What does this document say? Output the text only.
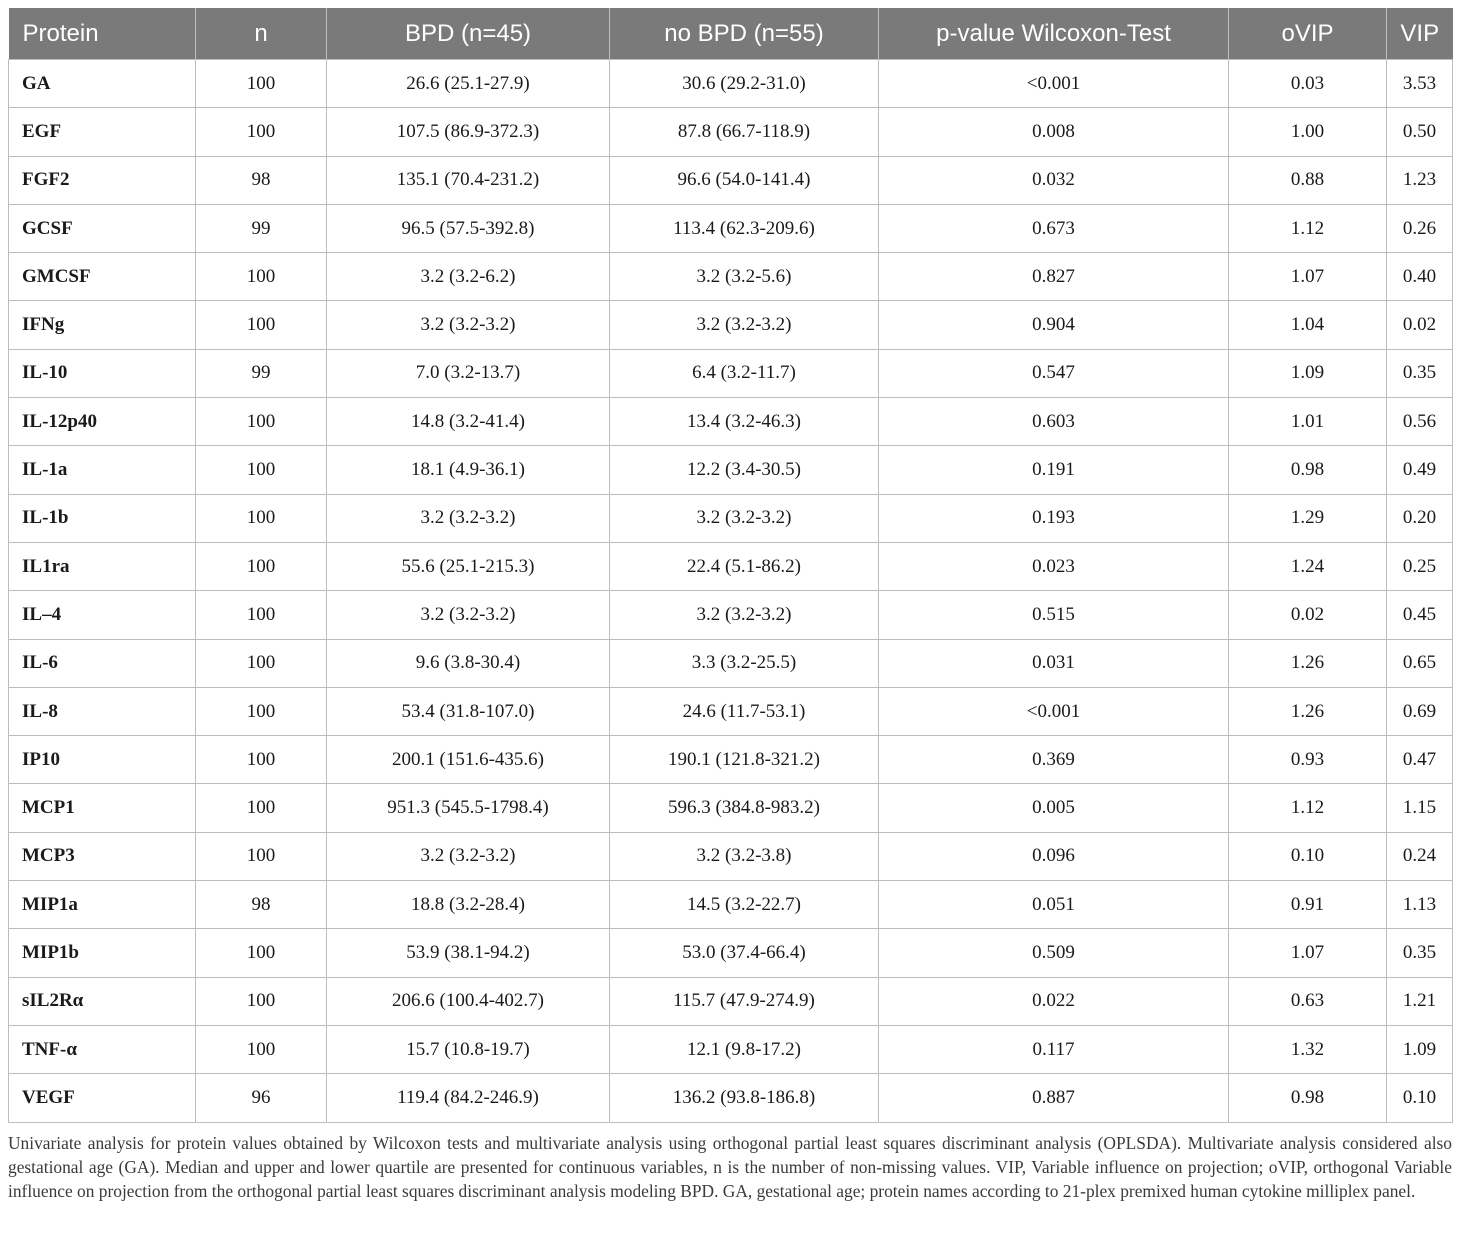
Protein	n	BPD (n=45)	no BPD (n=55)	p-value Wilcoxon-Test	oVIP	VIP
GA	100	26.6 (25.1-27.9)	30.6 (29.2-31.0)	<0.001	0.03	3.53
EGF	100	107.5 (86.9-372.3)	87.8 (66.7-118.9)	0.008	1.00	0.50
FGF2	98	135.1 (70.4-231.2)	96.6 (54.0-141.4)	0.032	0.88	1.23
GCSF	99	96.5 (57.5-392.8)	113.4 (62.3-209.6)	0.673	1.12	0.26
GMCSF	100	3.2 (3.2-6.2)	3.2 (3.2-5.6)	0.827	1.07	0.40
IFNg	100	3.2 (3.2-3.2)	3.2 (3.2-3.2)	0.904	1.04	0.02
IL-10	99	7.0 (3.2-13.7)	6.4 (3.2-11.7)	0.547	1.09	0.35
IL-12p40	100	14.8 (3.2-41.4)	13.4 (3.2-46.3)	0.603	1.01	0.56
IL-1a	100	18.1 (4.9-36.1)	12.2 (3.4-30.5)	0.191	0.98	0.49
IL-1b	100	3.2 (3.2-3.2)	3.2 (3.2-3.2)	0.193	1.29	0.20
IL1ra	100	55.6 (25.1-215.3)	22.4 (5.1-86.2)	0.023	1.24	0.25
IL–4	100	3.2 (3.2-3.2)	3.2 (3.2-3.2)	0.515	0.02	0.45
IL-6	100	9.6 (3.8-30.4)	3.3 (3.2-25.5)	0.031	1.26	0.65
IL-8	100	53.4 (31.8-107.0)	24.6 (11.7-53.1)	<0.001	1.26	0.69
IP10	100	200.1 (151.6-435.6)	190.1 (121.8-321.2)	0.369	0.93	0.47
MCP1	100	951.3 (545.5-1798.4)	596.3 (384.8-983.2)	0.005	1.12	1.15
MCP3	100	3.2 (3.2-3.2)	3.2 (3.2-3.8)	0.096	0.10	0.24
MIP1a	98	18.8 (3.2-28.4)	14.5 (3.2-22.7)	0.051	0.91	1.13
MIP1b	100	53.9 (38.1-94.2)	53.0 (37.4-66.4)	0.509	1.07	0.35
sIL2Rα	100	206.6 (100.4-402.7)	115.7 (47.9-274.9)	0.022	0.63	1.21
TNF-α	100	15.7 (10.8-19.7)	12.1 (9.8-17.2)	0.117	1.32	1.09
VEGF	96	119.4 (84.2-246.9)	136.2 (93.8-186.8)	0.887	0.98	0.10
Univariate analysis for protein values obtained by Wilcoxon tests and multivariate analysis using orthogonal partial least squares discriminant analysis (OPLSDA). Multivariate analysis considered also gestational age (GA). Median and upper and lower quartile are presented for continuous variables, n is the number of non-missing values. VIP, Variable influence on projection; oVIP, orthogonal Variable influence on projection from the orthogonal partial least squares discriminant analysis modeling BPD. GA, gestational age; protein names according to 21-plex premixed human cytokine milliplex panel.
